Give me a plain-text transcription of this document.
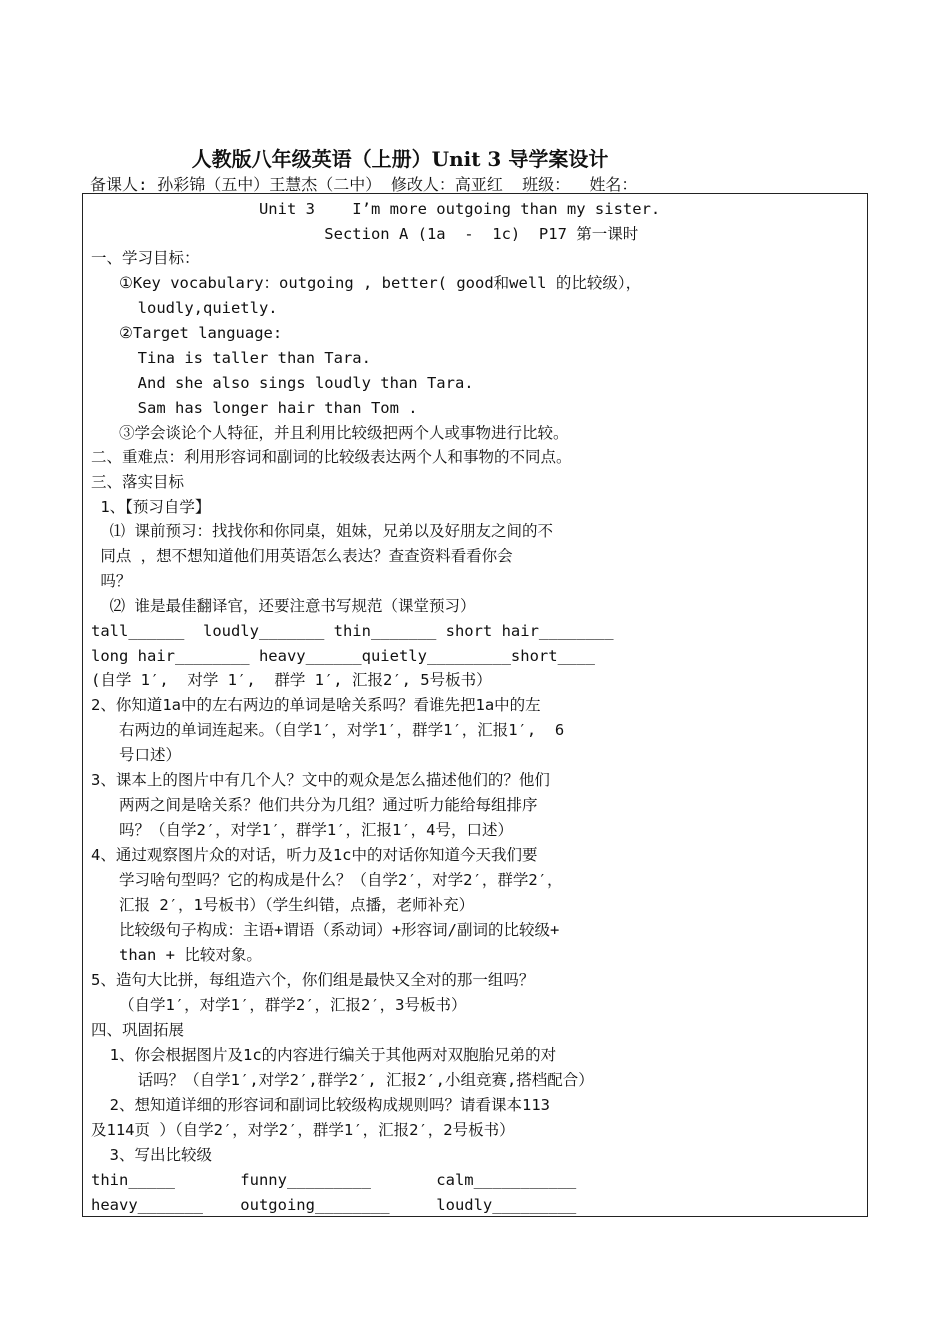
人教版八年级英语（上册）Unit 3 导学案设计
备课人: 孙彩锦（五中）王慧杰（二中） 修改人：高亚红  班级：  姓名：
Unit 3    I’m more outgoing than my sister.
Section A (1a  -  1c)  P17 第一课时
一、学习目标：
①Key vocabulary：outgoing , better( good和well 的比较级），
loudly,quietly.
②Target language:
Tina is taller than Tara.
And she also sings loudly than Tara.
Sam has longer hair than Tom .
③学会谈论个人特征，并且利用比较级把两个人或事物进行比较。
二、重难点：利用形容词和副词的比较级表达两个人和事物的不同点。
三、落实目标
1、【预习自学】
⑴ 课前预习：找找你和你同桌，姐妹，兄弟以及好朋友之间的不
同点 ，想不想知道他们用英语怎么表达？查查资料看看你会
吗？
⑵ 谁是最佳翻译官，还要注意书写规范（课堂预习）
tall______  loudly_______ thin_______ short hair________
long hair________ heavy______quietly_________short____
(自学 1′,  对学 1′,  群学 1′, 汇报2′, 5号板书）
2、你知道1a中的左右两边的单词是啥关系吗？看谁先把1a中的左
右两边的单词连起来。（自学1′，对学1′，群学1′，汇报1′,  6
号口述）
3、课本上的图片中有几个人？文中的观众是怎么描述他们的？他们
两两之间是啥关系？他们共分为几组？通过听力能给每组排序
吗？（自学2′，对学1′，群学1′，汇报1′，4号，口述）
4、通过观察图片众的对话，听力及1c中的对话你知道今天我们要
学习啥句型吗？它的构成是什么？（自学2′，对学2′，群学2′，
汇报 2′，1号板书）（学生纠错，点播，老师补充）
比较级句子构成：主语+谓语（系动词）+形容词/副词的比较级+
than + 比较对象。
5、造句大比拼，每组造六个，你们组是最快又全对的那一组吗？
（自学1′，对学1′，群学2′，汇报2′，3号板书）
四、巩固拓展
1、你会根据图片及1c的内容进行编关于其他两对双胞胎兄弟的对
话吗？（自学1′,对学2′,群学2′, 汇报2′,小组竞赛,搭档配合）
2、想知道详细的形容词和副词比较级构成规则吗？请看课本113
及114页 ）（自学2′，对学2′，群学1′，汇报2′，2号板书）
3、写出比较级
thin_____       funny_________       calm___________
heavy_______    outgoing________     loudly_________
